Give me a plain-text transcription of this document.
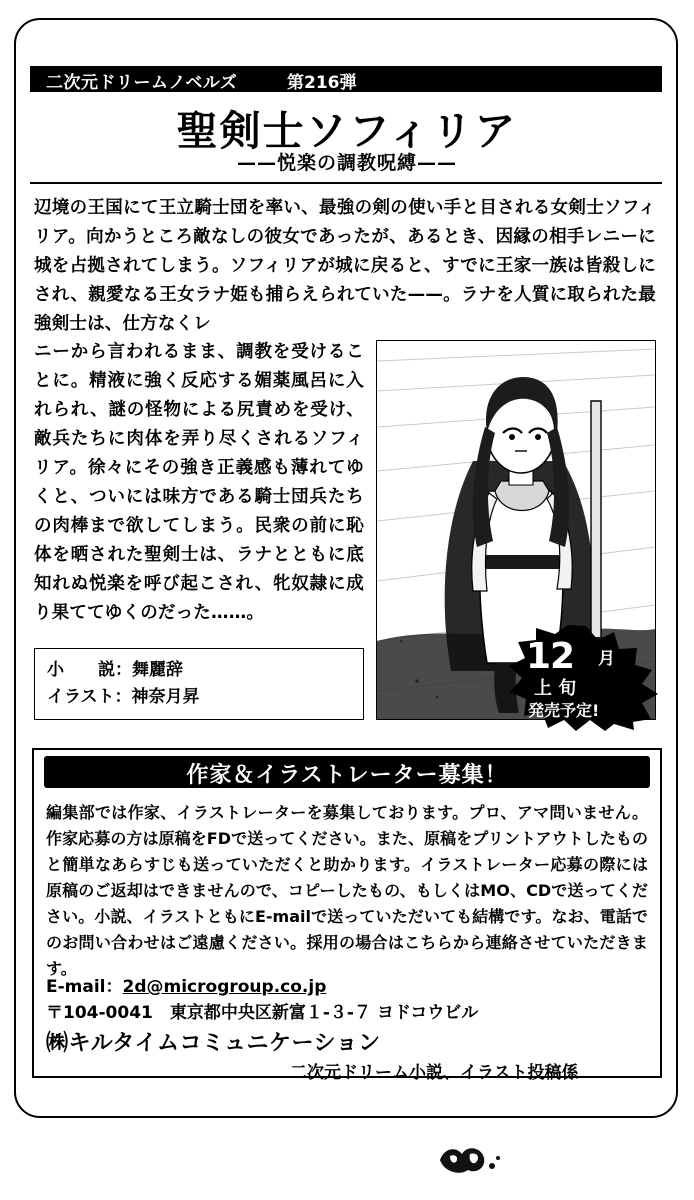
二次元ドリームノベルズ	第216弾
聖剣士ソフィリア
——悦楽の調教呪縛——
辺境の王国にて王立騎士団を率い、最強の剣の使い手と目される女剣士ソフィリア。向かうところ敵なしの彼女であったが、あるとき、因縁の相手レニーに城を占拠されてしまう。ソフィリアが城に戻ると、すでに王家一族は皆殺しにされ、親愛なる王女ラナ姫も捕らえられていた——。ラナを人質に取られた最強剣士は、仕方なくレ
ニーから言われるまま、調教を受けることに。精液に強く反応する媚薬風呂に入れられ、謎の怪物による尻責めを受け、敵兵たちに肉体を弄り尽くされるソフィリア。徐々にその強き正義感も薄れてゆくと、ついには味方である騎士団兵たちの肉棒まで欲してしまう。民衆の前に恥体を晒された聖剣士は、ラナとともに底知れぬ悦楽を呼び起こされ、牝奴隷に成り果ててゆくのだった……。
小　　説：舞麗辞
イラスト：神奈月昇
12 月
上 旬
発売予定!
作家＆イラストレーター募集！
編集部では作家、イラストレーターを募集しております。プロ、アマ問いません。作家応募の方は原稿をFDで送ってください。また、原稿をプリントアウトしたものと簡単なあらすじも送っていただくと助かります。イラストレーター応募の際には原稿のご返却はできませんので、コピーしたもの、もしくはMO、CDで送ってください。小説、イラストともにE-mailで送っていただいても結構です。なお、電話でのお問い合わせはご遠慮ください。採用の場合はこちらから連絡させていただきます。
E-mail：2d@microgroup.co.jp
〒104-0041　東京都中央区新富１-３-７ ヨドコウビル
㈱キルタイムコミュニケーション
二次元ドリーム小説、イラスト投稿係
